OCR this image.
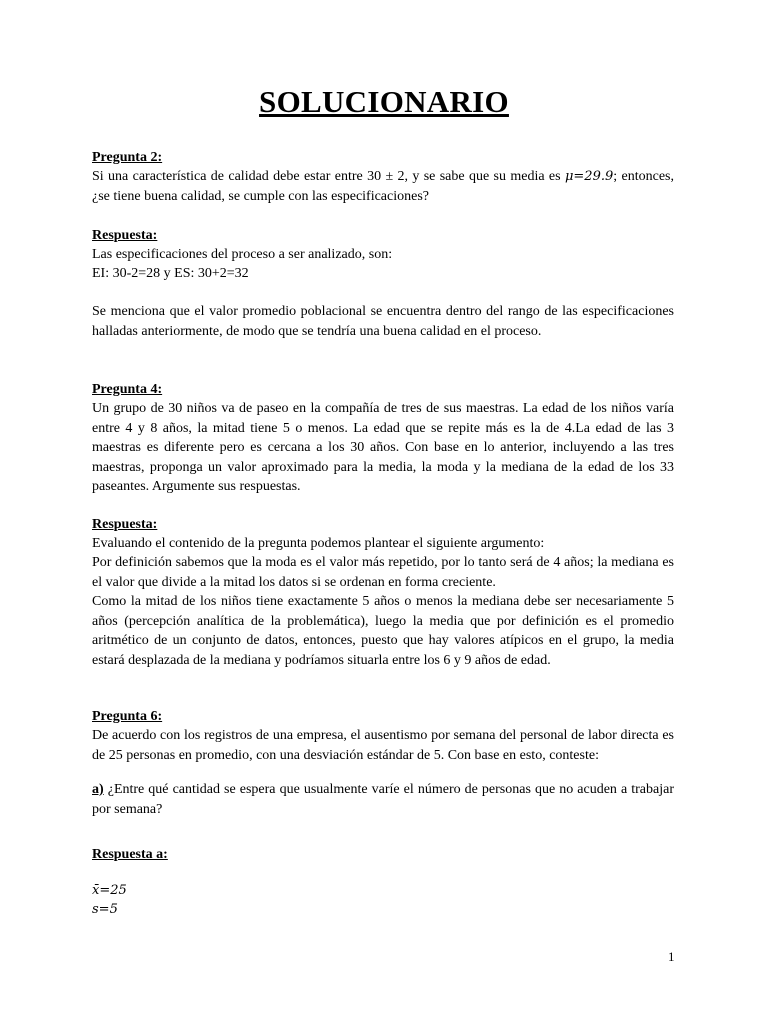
SOLUCIONARIO

Pregunta 2:

Si una característica de calidad debe estar entre 30 ± 2, y se sabe que su media es μ=29.9; entonces, ¿se tiene buena calidad, se cumple con las especificaciones?

Respuesta:

Las especificaciones del proceso a ser analizado, son:

EI: 30-2=28 y ES: 30+2=32

Se menciona que el valor promedio poblacional se encuentra dentro del rango de las especificaciones halladas anteriormente, de modo que se tendría una buena calidad en el proceso.

Pregunta 4:

Un grupo de 30 niños va de paseo en la compañía de tres de sus maestras. La edad de los niños varía entre 4 y 8 años, la mitad tiene 5 o menos. La edad que se repite más es la de 4.La edad de las 3 maestras es diferente pero es cercana a los 30 años. Con base en lo anterior, incluyendo a las tres maestras, proponga un valor aproximado para la media, la moda y la mediana de la edad de los 33 paseantes. Argumente sus respuestas.

Respuesta:

Evaluando el contenido de la pregunta podemos plantear el siguiente argumento:

Por definición sabemos que la moda es el valor más repetido, por lo tanto será de 4 años; la mediana es el valor que divide a la mitad los datos si se ordenan en forma creciente.

Como la mitad de los niños tiene exactamente 5 años o menos la mediana debe ser necesariamente 5 años (percepción analítica de la problemática), luego la media que por definición es el promedio aritmético de un conjunto de datos, entonces, puesto que hay valores atípicos en el grupo, la media estará desplazada de la mediana y podríamos situarla entre los 6 y 9 años de edad.

Pregunta 6:

De acuerdo con los registros de una empresa, el ausentismo por semana del personal de labor directa es de 25 personas en promedio, con una desviación estándar de 5. Con base en esto, conteste:

a) ¿Entre qué cantidad se espera que usualmente varíe el número de personas que no acuden a trabajar por semana?

Respuesta a:

x̄=25

s=5

1
